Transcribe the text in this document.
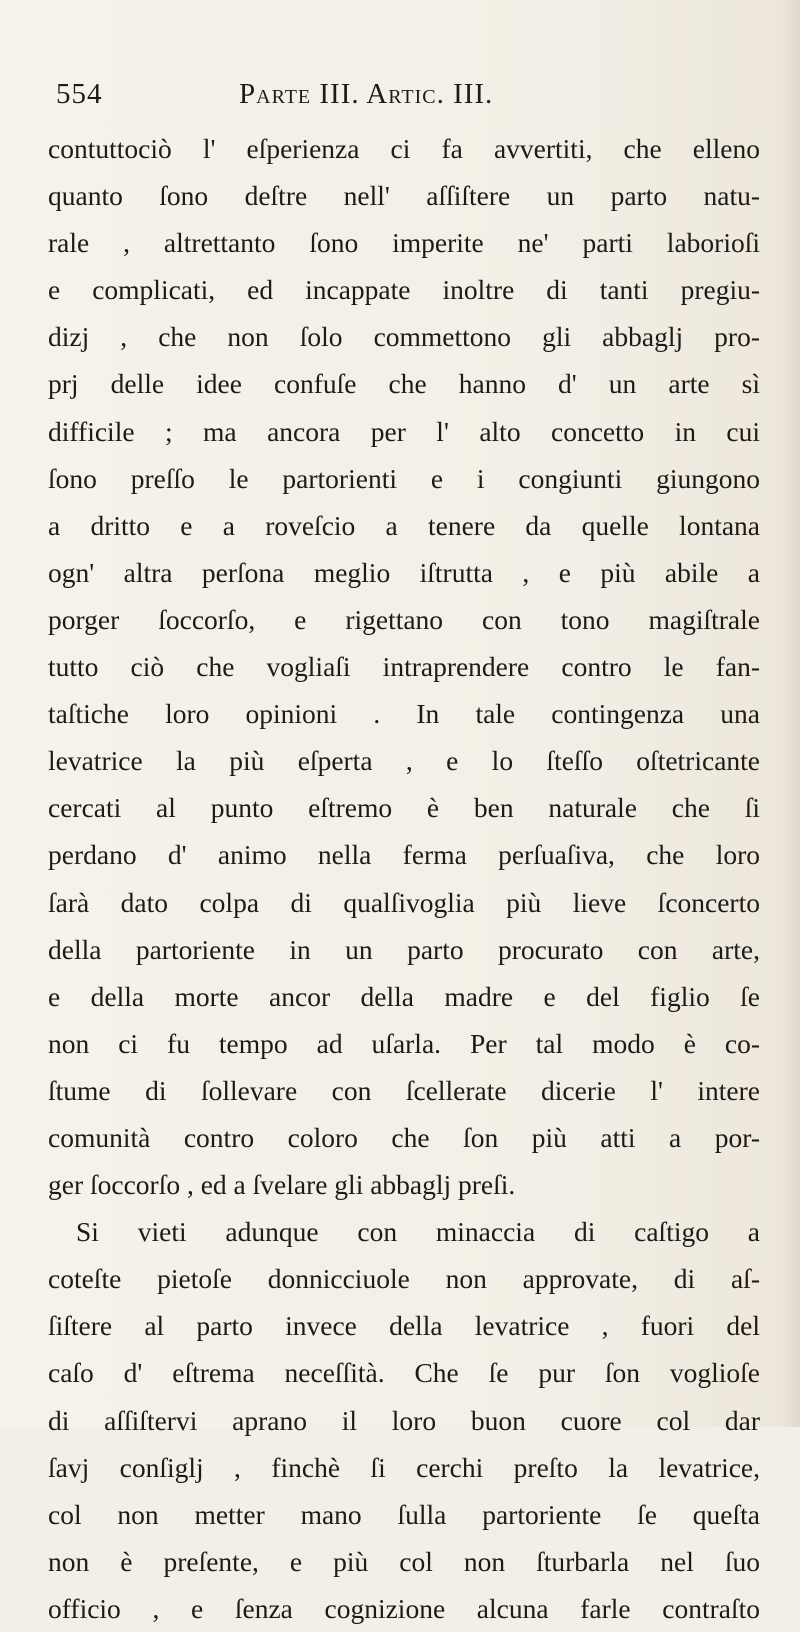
554	Parte III. Artic. III.
contuttociò l' eſperienza ci fa avvertiti, che elleno
quanto ſono deſtre nell' aſſiſtere un parto natu-
rale , altrettanto ſono imperite ne' parti laborioſi
e complicati, ed incappate inoltre di tanti pregiu-
dizj , che non ſolo commettono gli abbaglj pro-
prj delle idee confuſe che hanno d' un arte sì
difficile ; ma ancora per l' alto concetto in cui
ſono preſſo le partorienti e i congiunti giungono
a dritto e a roveſcio a tenere da quelle lontana
ogn' altra perſona meglio iſtrutta , e più abile a
porger ſoccorſo, e rigettano con tono magiſtrale
tutto ciò che vogliaſi intraprendere contro le fan-
taſtiche loro opinioni . In tale contingenza una
levatrice la più eſperta , e lo ſteſſo oſtetricante
cercati al punto eſtremo è ben naturale che ſi
perdano d' animo nella ferma perſuaſiva, che loro
ſarà dato colpa di qualſivoglia più lieve ſconcerto
della partoriente in un parto procurato con arte,
e della morte ancor della madre e del figlio ſe
non ci fu tempo ad uſarla. Per tal modo è co-
ſtume di ſollevare con ſcellerate dicerie l' intere
comunità contro coloro che ſon più atti a por-
ger ſoccorſo , ed a ſvelare gli abbaglj preſi.
Si vieti adunque con minaccia di caſtigo a
coteſte pietoſe donnicciuole non approvate, di aſ-
ſiſtere al parto invece della levatrice , fuori del
caſo d' eſtrema neceſſità. Che ſe pur ſon voglioſe
di aſſiſtervi aprano il loro buon cuore col dar
ſavj conſiglj , finchè ſi cerchi preſto la levatrice,
col non metter mano ſulla partoriente ſe queſta
non è preſente, e più col non ſturbarla nel ſuo
officio , e ſenza cognizione alcuna farle contraſto
